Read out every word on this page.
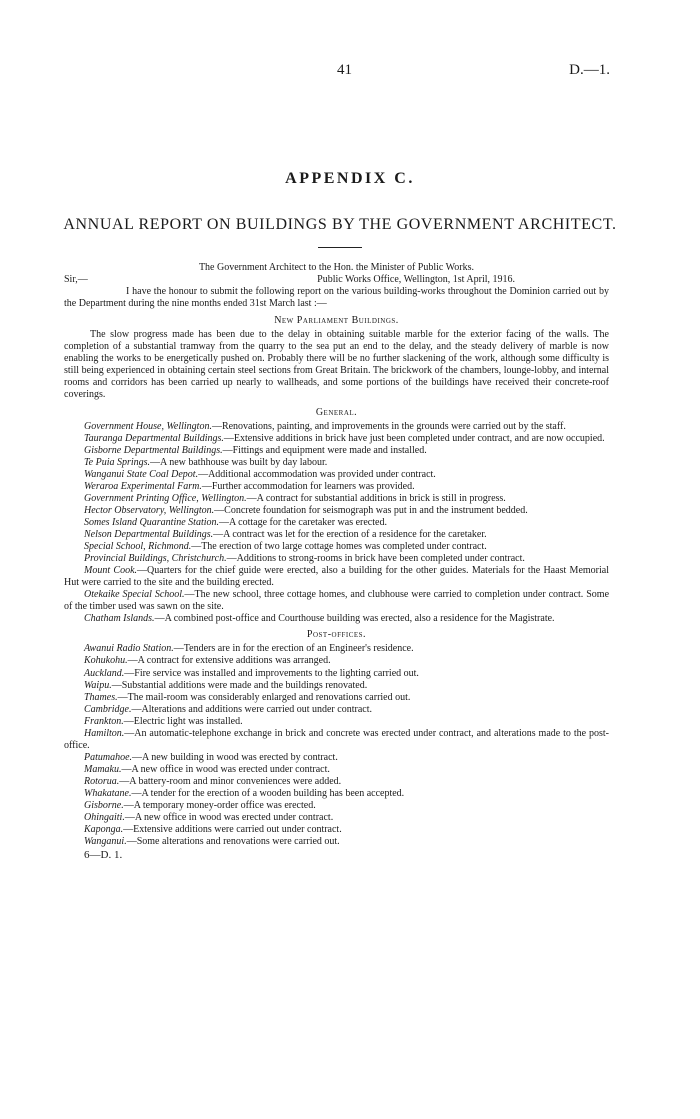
41	D.—1.
APPENDIX C.
ANNUAL REPORT ON BUILDINGS BY THE GOVERNMENT ARCHITECT.

The Government Architect to the Hon. the Minister of Public Works.

Sir,—	Public Works Office, Wellington, 1st April, 1916.

I have the honour to submit the following report on the various building-works throughout the Dominion carried out by the Department during the nine months ended 31st March last :—

New Parliament Buildings.

The slow progress made has been due to the delay in obtaining suitable marble for the exterior facing of the walls. The completion of a substantial tramway from the quarry to the sea put an end to the delay, and the steady delivery of marble is now enabling the works to be energetically pushed on. Probably there will be no further slackening of the work, although some difficulty is still being experienced in obtaining certain steel sections from Great Britain. The brickwork of the chambers, lounge-lobby, and internal rooms and corridors has been carried up nearly to wallheads, and some portions of the buildings have received their concrete-roof coverings.

General.

Government House, Wellington.—Renovations, painting, and improvements in the grounds were carried out by the staff.

Tauranga Departmental Buildings.—Extensive additions in brick have just been completed under contract, and are now occupied.

Gisborne Departmental Buildings.—Fittings and equipment were made and installed.

Te Puia Springs.—A new bathhouse was built by day labour.

Wanganui State Coal Depot.—Additional accommodation was provided under contract.

Weraroa Experimental Farm.—Further accommodation for learners was provided.

Government Printing Office, Wellington.—A contract for substantial additions in brick is still in progress.

Hector Observatory, Wellington.—Concrete foundation for seismograph was put in and the instrument bedded.

Somes Island Quarantine Station.—A cottage for the caretaker was erected.

Nelson Departmental Buildings.—A contract was let for the erection of a residence for the caretaker.

Special School, Richmond.—The erection of two large cottage homes was completed under contract.

Provincial Buildings, Christchurch.—Additions to strong-rooms in brick have been completed under contract.

Mount Cook.—Quarters for the chief guide were erected, also a building for the other guides. Materials for the Haast Memorial Hut were carried to the site and the building erected.

Otekaike Special School.—The new school, three cottage homes, and clubhouse were carried to completion under contract. Some of the timber used was sawn on the site.

Chatham Islands.—A combined post-office and Courthouse building was erected, also a residence for the Magistrate.

Post-offices.

Awanui Radio Station.—Tenders are in for the erection of an Engineer's residence.

Kohukohu.—A contract for extensive additions was arranged.

Auckland.—Fire service was installed and improvements to the lighting carried out.

Waipu.—Substantial additions were made and the buildings renovated.

Thames.—The mail-room was considerably enlarged and renovations carried out.

Cambridge.—Alterations and additions were carried out under contract.

Frankton.—Electric light was installed.

Hamilton.—An automatic-telephone exchange in brick and concrete was erected under contract, and alterations made to the post-office.

Patumahoe.—A new building in wood was erected by contract.

Mamaku.—A new office in wood was erected under contract.

Rotorua.—A battery-room and minor conveniences were added.

Whakatane.—A tender for the erection of a wooden building has been accepted.

Gisborne.—A temporary money-order office was erected.

Ohingaiti.—A new office in wood was erected under contract.

Kaponga.—Extensive additions were carried out under contract.

Wanganui.—Some alterations and renovations were carried out.

6—D. 1.
